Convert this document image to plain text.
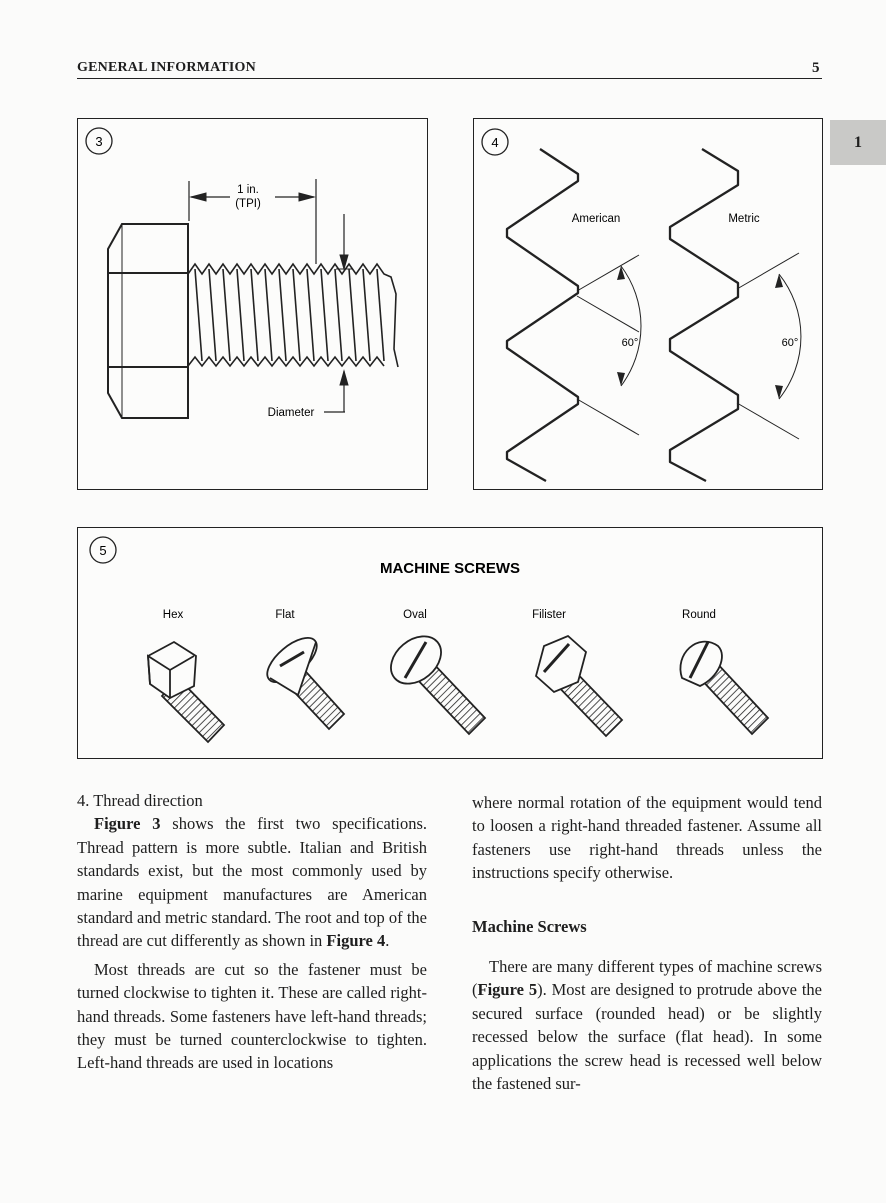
GENERAL INFORMATION	5
1
3
1 in.
(TPI)
Diameter
4
American	Metric
60°	60°
5
MACHINE SCREWS
Hex	Flat	Oval	Filister	Round

4. Thread direction

Figure 3 shows the first two specifications. Thread pattern is more subtle. Italian and British standards exist, but the most commonly used by marine equipment manufactures are American standard and metric standard. The root and top of the thread are cut differently as shown in Figure 4.

Most threads are cut so the fastener must be turned clockwise to tighten it. These are called right-hand threads. Some fasteners have left-hand threads; they must be turned counterclockwise to tighten. Left-hand threads are used in locations

where normal rotation of the equipment would tend to loosen a right-hand threaded fastener. Assume all fasteners use right-hand threads unless the instructions specify otherwise.

Machine Screws

There are many different types of machine screws (Figure 5). Most are designed to protrude above the secured surface (rounded head) or be slightly recessed below the surface (flat head). In some applications the screw head is recessed well below the fastened sur-
